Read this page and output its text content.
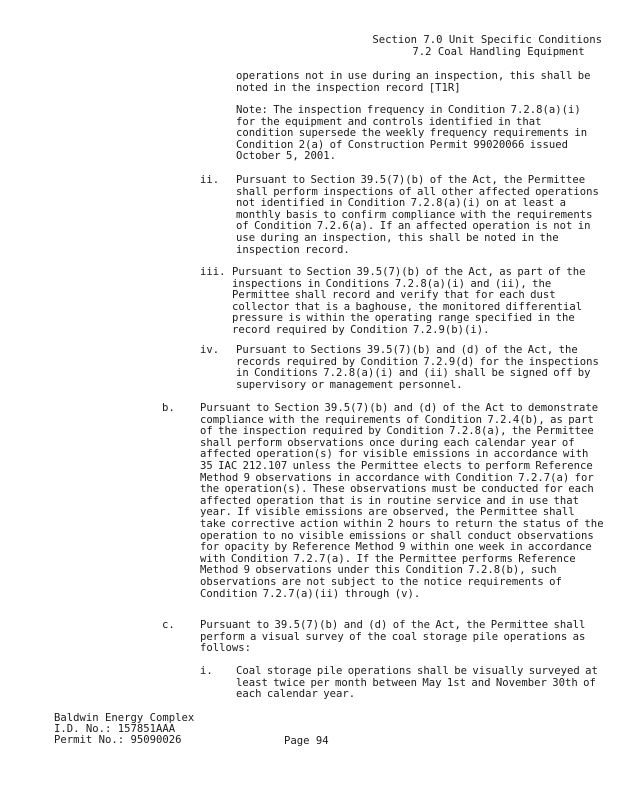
Section 7.0 Unit Specific Conditions
7.2 Coal Handling Equipment
operations not in use during an inspection, this shall be noted in the inspection record [T1R]
Note: The inspection frequency in Condition 7.2.8(a)(i) for the equipment and controls identified in that condition supersede the weekly frequency requirements in Condition 2(a) of Construction Permit 99020066 issued October 5, 2001.
ii. Pursuant to Section 39.5(7)(b) of the Act, the Permittee shall perform inspections of all other affected operations not identified in Condition 7.2.8(a)(i) on at least a monthly basis to confirm compliance with the requirements of Condition 7.2.6(a). If an affected operation is not in use during an inspection, this shall be noted in the inspection record.
iii. Pursuant to Section 39.5(7)(b) of the Act, as part of the inspections in Conditions 7.2.8(a)(i) and (ii), the Permittee shall record and verify that for each dust collector that is a baghouse, the monitored differential pressure is within the operating range specified in the record required by Condition 7.2.9(b)(i).
iv. Pursuant to Sections 39.5(7)(b) and (d) of the Act, the records required by Condition 7.2.9(d) for the inspections in Conditions 7.2.8(a)(i) and (ii) shall be signed off by supervisory or management personnel.
b. Pursuant to Section 39.5(7)(b) and (d) of the Act to demonstrate compliance with the requirements of Condition 7.2.4(b), as part of the inspection required by Condition 7.2.8(a), the Permittee shall perform observations once during each calendar year of affected operation(s) for visible emissions in accordance with 35 IAC 212.107 unless the Permittee elects to perform Reference Method 9 observations in accordance with Condition 7.2.7(a) for the operation(s). These observations must be conducted for each affected operation that is in routine service and in use that year. If visible emissions are observed, the Permittee shall take corrective action within 2 hours to return the status of the operation to no visible emissions or shall conduct observations for opacity by Reference Method 9 within one week in accordance with Condition 7.2.7(a). If the Permittee performs Reference Method 9 observations under this Condition 7.2.8(b), such observations are not subject to the notice requirements of Condition 7.2.7(a)(ii) through (v).
c. Pursuant to 39.5(7)(b) and (d) of the Act, the Permittee shall perform a visual survey of the coal storage pile operations as follows:
i. Coal storage pile operations shall be visually surveyed at least twice per month between May 1st and November 30th of each calendar year.
Baldwin Energy Complex
I.D. No.: 157851AAA
Permit No.: 95090026	Page 94
